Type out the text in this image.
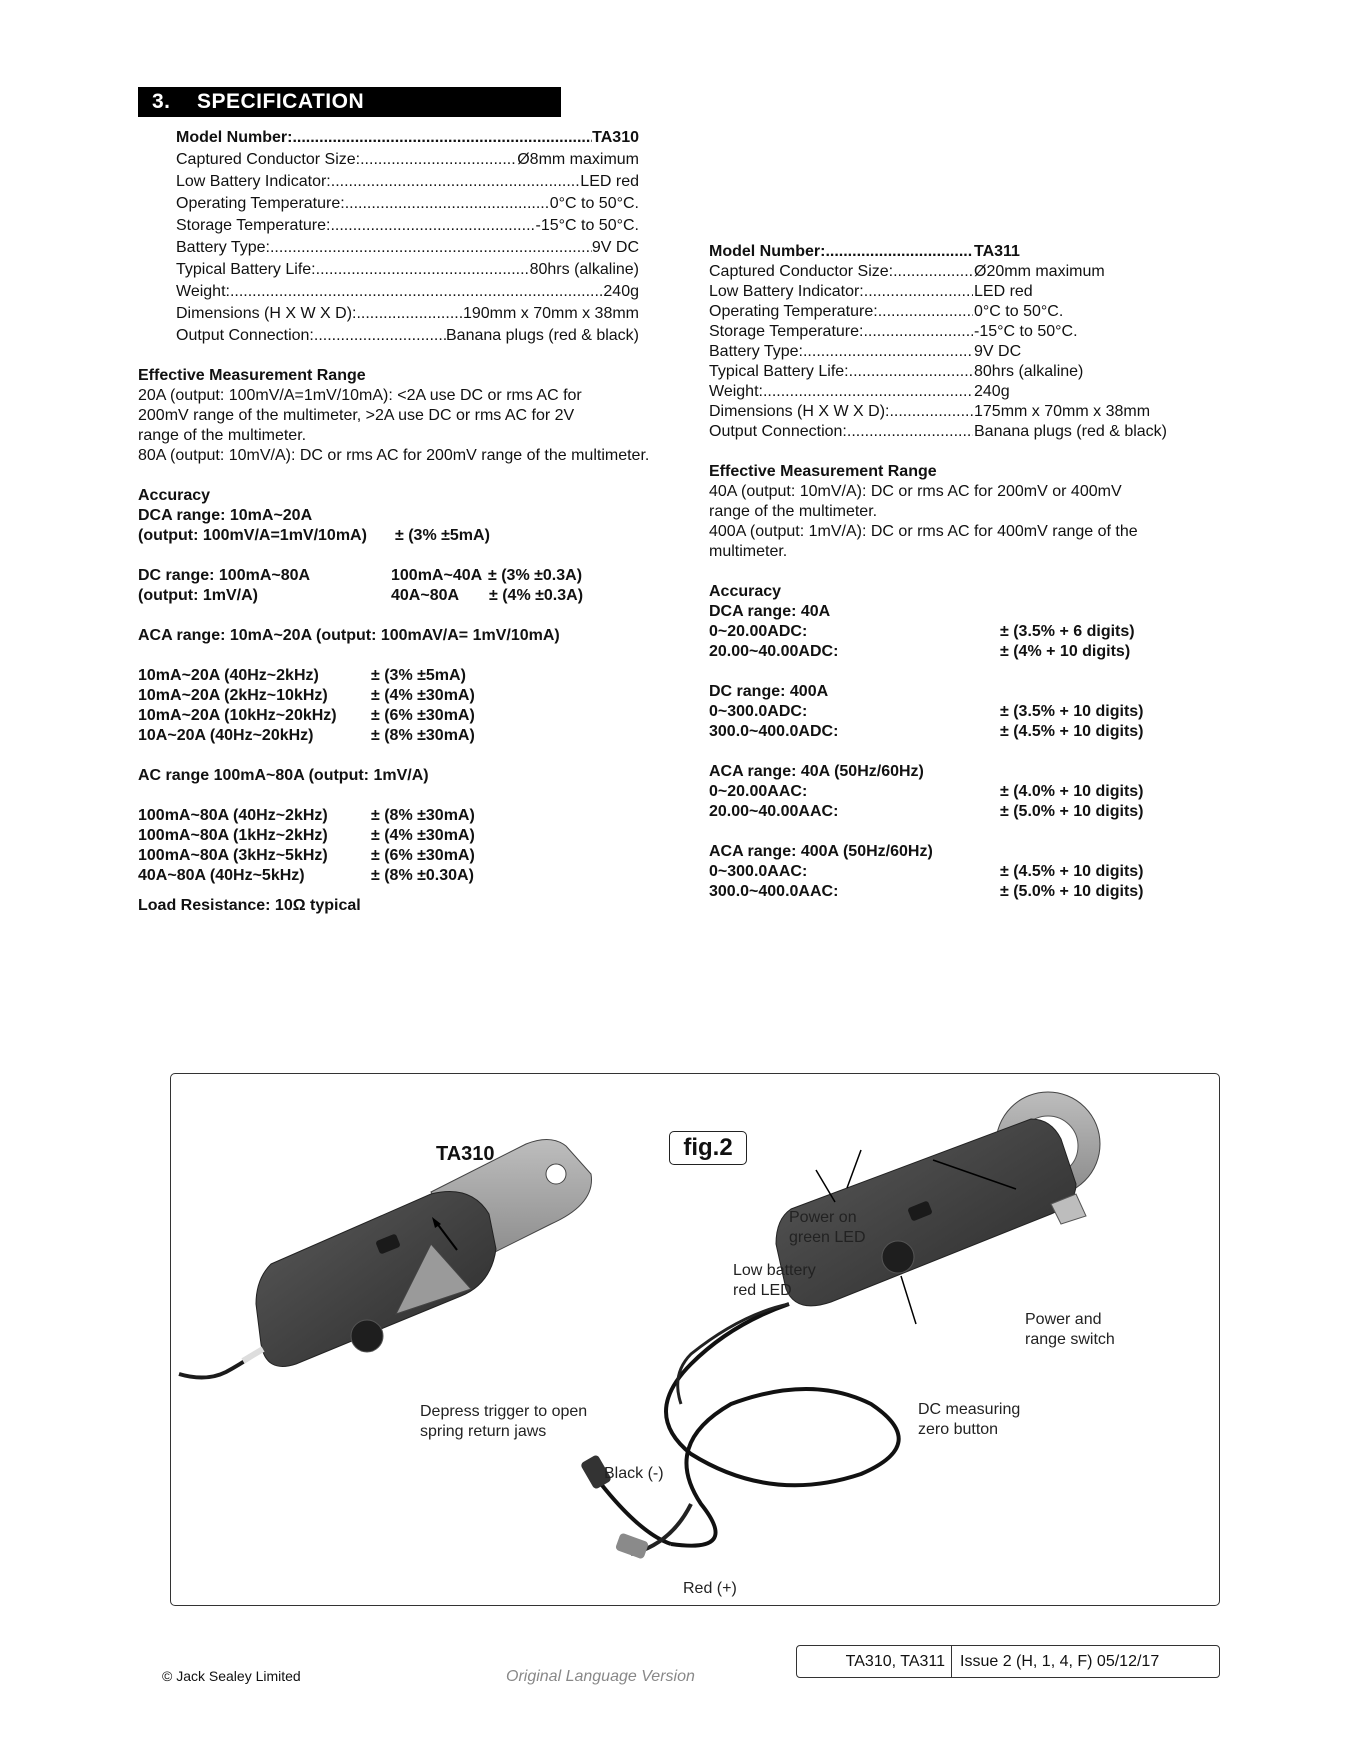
3. SPECIFICATION
Model Number: .....	TA310
Captured Conductor Size: .....	Ø8mm maximum
Low Battery Indicator: .....	LED red
Operating Temperature: .....	0°C to 50°C.
Storage Temperature: .....	-15°C to 50°C.
Battery Type: .....	9V DC
Typical Battery Life: .....	80hrs (alkaline)
Weight: .....	240g
Dimensions (H X W X D): .....	190mm x 70mm x 38mm
Output Connection: .....	Banana plugs (red & black)
Effective Measurement Range
20A (output: 100mV/A=1mV/10mA): <2A use DC or rms AC for
200mV range of the multimeter, >2A use DC or rms AC for 2V
range of the multimeter.
80A (output: 10mV/A): DC or rms AC for 200mV range of the multimeter.
Accuracy
DCA range: 10mA~20A
(output: 100mV/A=1mV/10mA) ± (3% ±5mA)
DC range: 100mA~80A	100mA~40A ± (3% ±0.3A)
(output: 1mV/A)	40A~80A ± (4% ±0.3A)
ACA range: 10mA~20A (output: 100mAV/A= 1mV/10mA)
10mA~20A (40Hz~2kHz)	± (3% ±5mA)
10mA~20A (2kHz~10kHz)	± (4% ±30mA)
10mA~20A (10kHz~20kHz) ± (6% ±30mA)
10A~20A (40Hz~20kHz)	± (8% ±30mA)
AC range 100mA~80A (output: 1mV/A)
100mA~80A (40Hz~2kHz)	± (8% ±30mA)
100mA~80A (1kHz~2kHz)	± (4% ±30mA)
100mA~80A (3kHz~5kHz)	± (6% ±30mA)
40A~80A (40Hz~5kHz)	± (8% ±0.30A)
Load Resistance: 10Ω typical
Model Number: .....	TA311
Captured Conductor Size: .....	Ø20mm maximum
Low Battery Indicator: .....	LED red
Operating Temperature: .....	0°C to 50°C.
Storage Temperature: .....	-15°C to 50°C.
Battery Type: .....	9V DC
Typical Battery Life: .....	80hrs (alkaline)
Weight: .....	240g
Dimensions (H X W X D): .....	175mm x 70mm x 38mm
Output Connection: .....	Banana plugs (red & black)
Effective Measurement Range
40A (output: 10mV/A): DC or rms AC for 200mV or 400mV
range of the multimeter.
400A (output: 1mV/A): DC or rms AC for 400mV range of the
multimeter.
Accuracy
DCA range: 40A
0~20.00ADC:	± (3.5% + 6 digits)
20.00~40.00ADC:	± (4% + 10 digits)
DC range: 400A
0~300.0ADC:	± (3.5% + 10 digits)
300.0~400.0ADC:	± (4.5% + 10 digits)
ACA range: 40A (50Hz/60Hz)
0~20.00AAC:	± (4.0% + 10 digits)
20.00~40.00AAC:	± (5.0% + 10 digits)
ACA range: 400A (50Hz/60Hz)
0~300.0AAC:	± (4.5% + 10 digits)
300.0~400.0AAC:	± (5.0% + 10 digits)
fig.2
TA310
Power on
green LED
Low battery
red LED
Power and
range switch
DC measuring
zero button
Depress trigger to open
spring return jaws
Black (-)
Red (+)
© Jack Sealey Limited	Original Language Version
TA310, TA311 Issue 2 (H, 1, 4, F) 05/12/17
